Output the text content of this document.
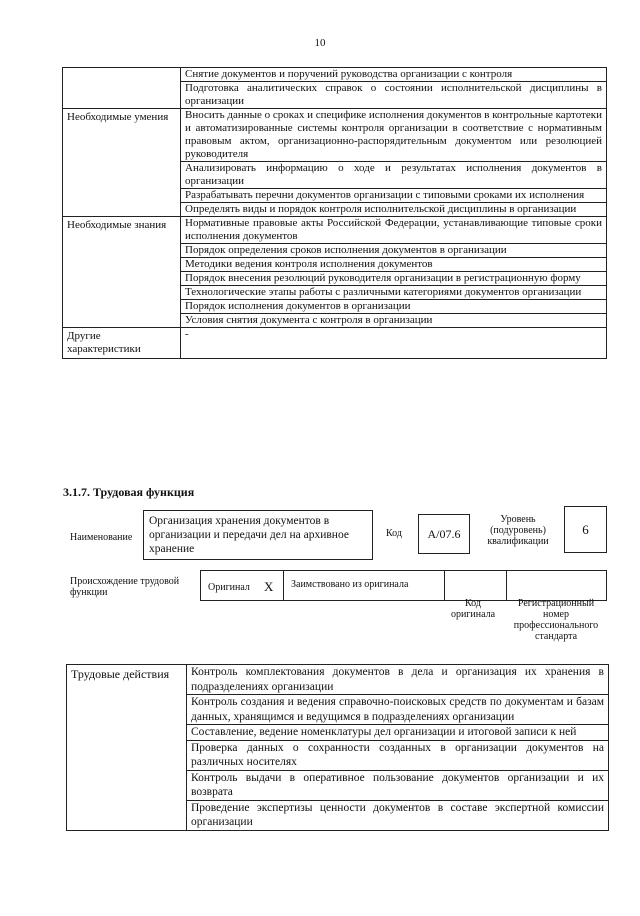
10
	Снятие документов и поручений руководства организации с контроля
	Подготовка аналитических справок о состоянии исполнительской дисциплины в организации
Необходимые умения	Вносить данные о сроках и специфике исполнения документов в контрольные картотеки и автоматизированные системы контроля организации в соответствие с нормативным правовым актом, организационно-распорядительным документом или резолюцией руководителя
	Анализировать информацию о ходе и результатах исполнения документов в организации
	Разрабатывать перечни документов организации с типовыми сроками их исполнения
	Определять виды и порядок контроля исполнительской дисциплины в организации
Необходимые знания	Нормативные правовые акты Российской Федерации, устанавливающие типовые сроки исполнения документов
	Порядок определения сроков исполнения документов в организации
	Методики ведения контроля исполнения документов
	Порядок внесения резолюций руководителя организации в регистрационную форму
	Технологические этапы работы с различными категориями документов организации
	Порядок исполнения документов в организации
	Условия снятия документа с контроля в организации
Другие характеристики	-
3.1.7. Трудовая функция
Наименование
Организация хранения документов в организации и передачи дел на архивное хранение
Код	А/07.6
Уровень (подуровень) квалификации
6
Происхождение трудовой функции	Оригинал X Заимствовано из оригинала
Код оригинала
Регистрационный номер профессионального стандарта
Трудовые действия	Контроль комплектования документов в дела и организация их хранения в подразделениях организации
Контроль создания и ведения справочно-поисковых средств по документам и базам данных, хранящимся и ведущимся в подразделениях организации
Составление, ведение номенклатуры дел организации и итоговой записи к ней
Проверка данных о сохранности созданных в организации документов на различных носителях
Контроль выдачи в оперативное пользование документов организации и их возврата
Проведение экспертизы ценности документов в составе экспертной комиссии организации
